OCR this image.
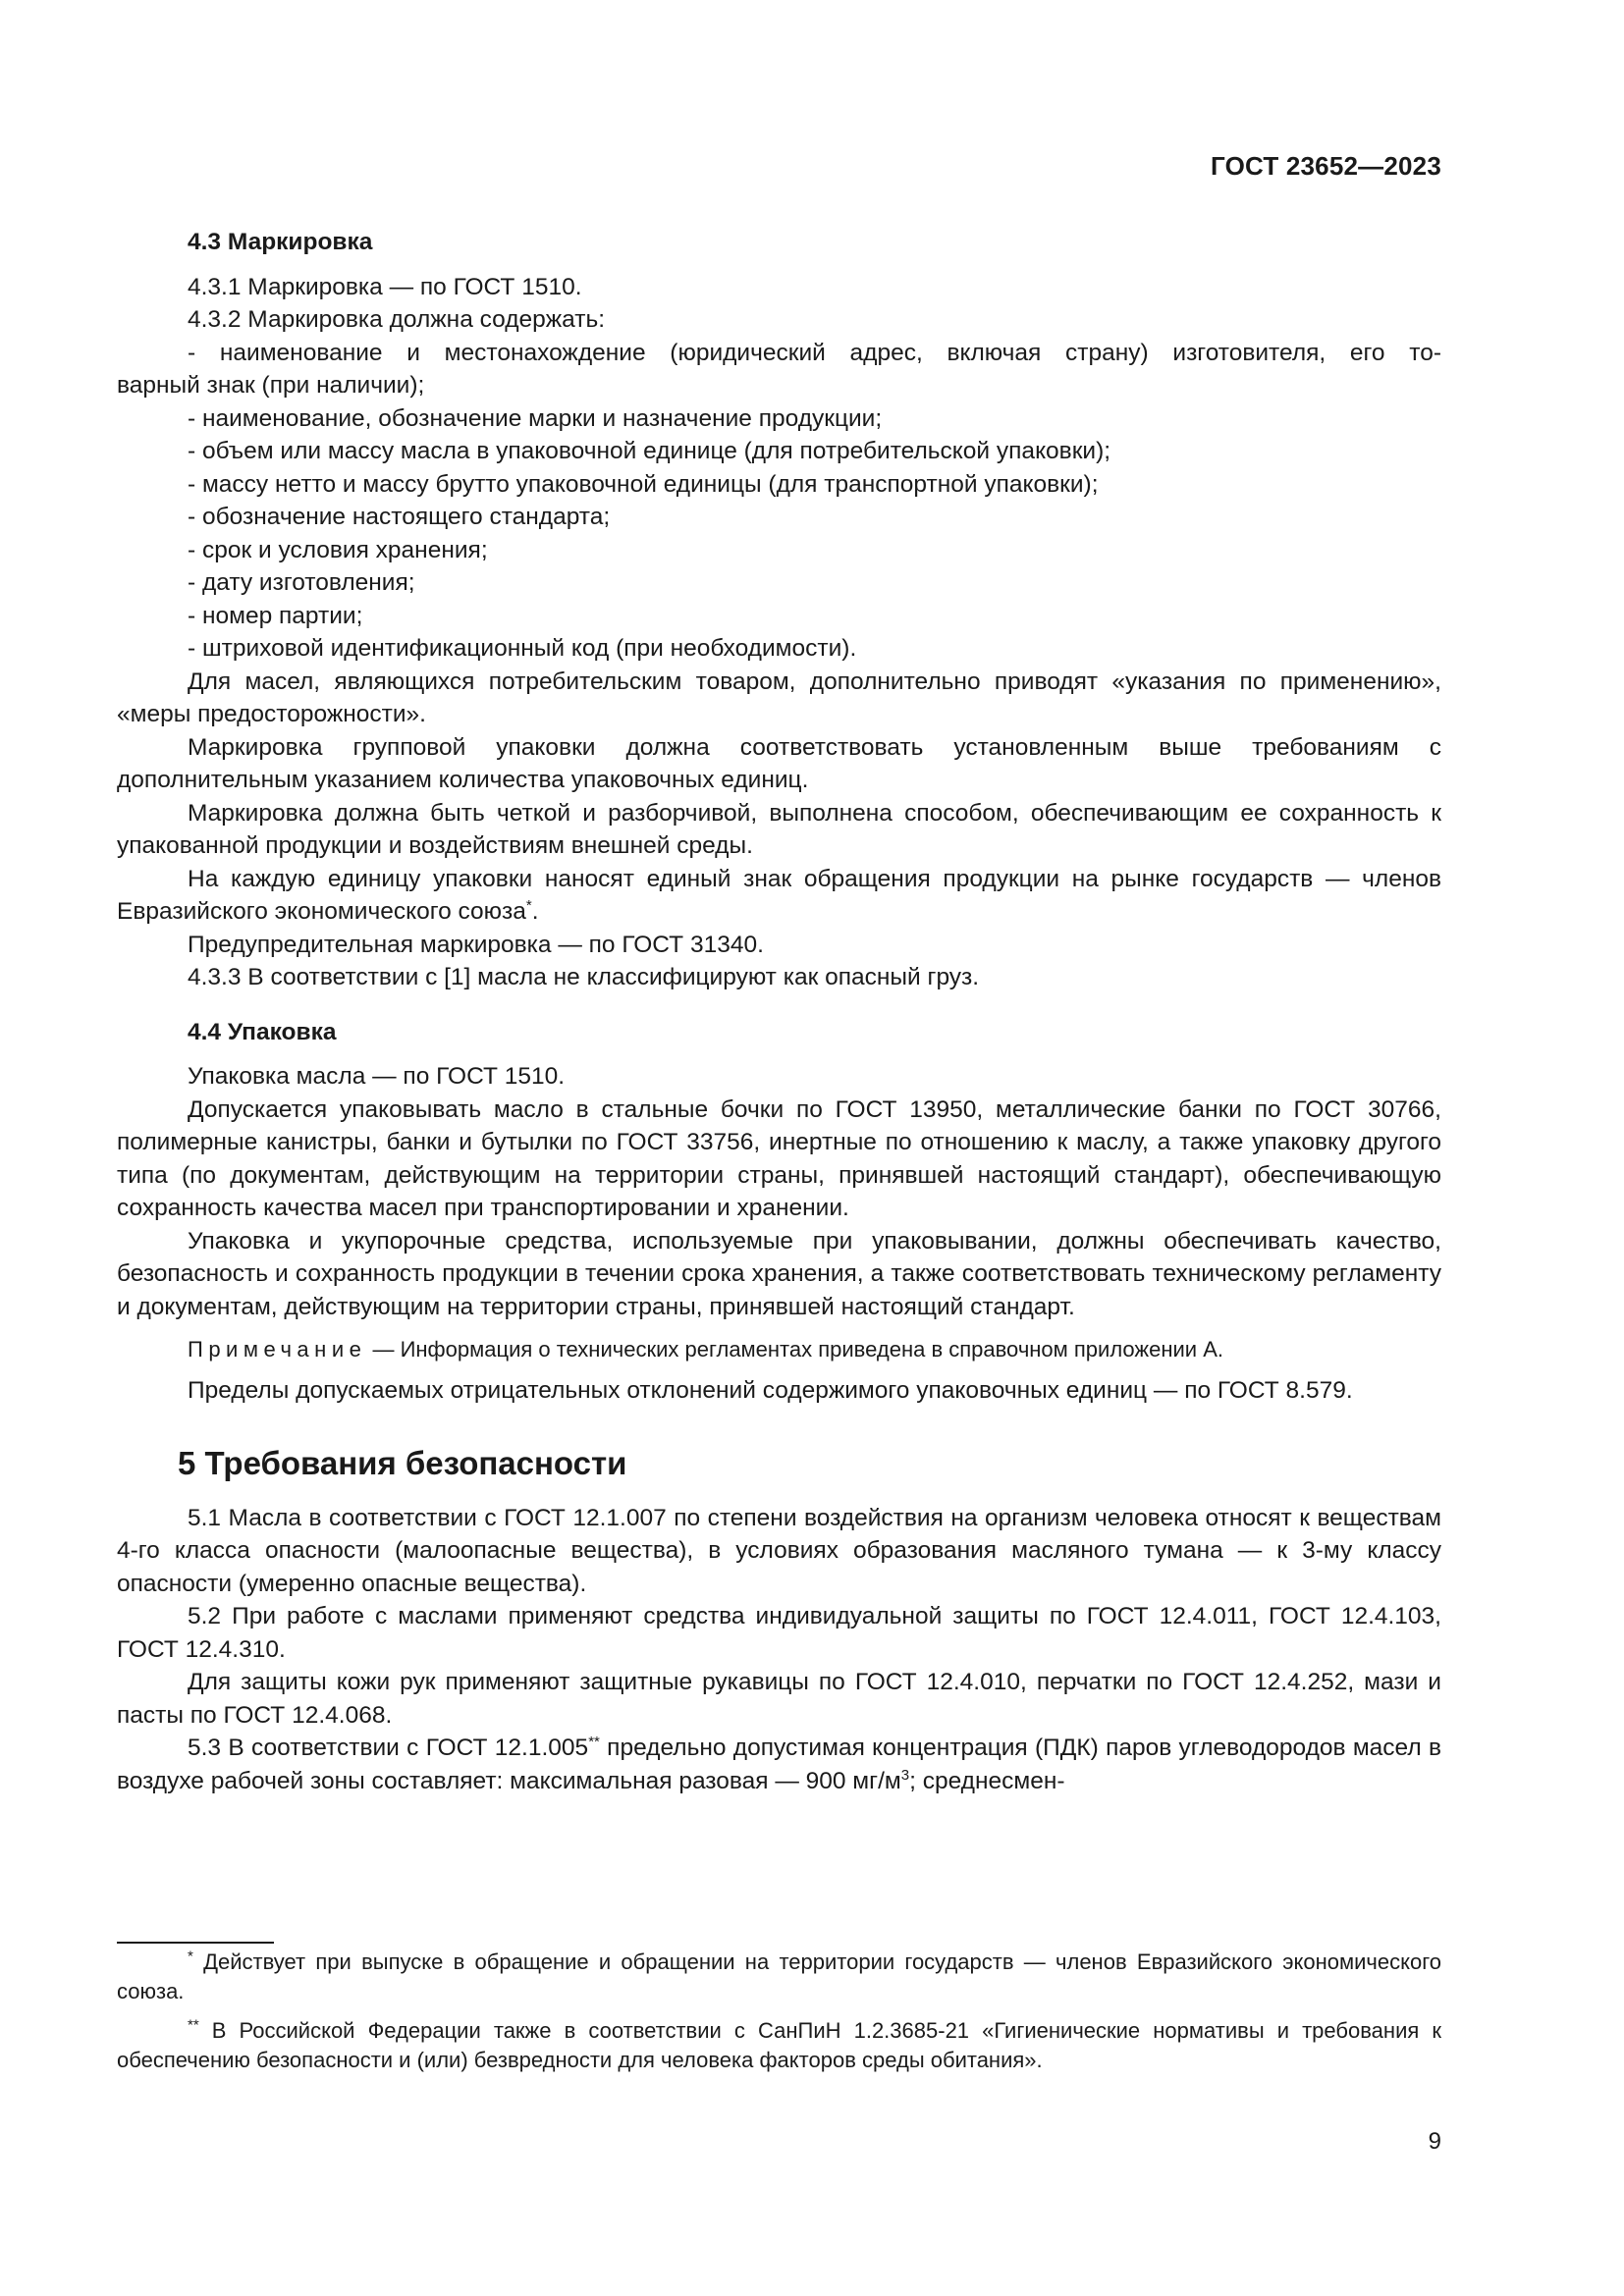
ГОСТ 23652—2023
4.3 Маркировка

4.3.1 Маркировка — по ГОСТ 1510.

4.3.2 Маркировка должна содержать:

- наименование и местонахождение (юридический адрес, включая страну) изготовителя, его то-

варный знак (при наличии);

- наименование, обозначение марки и назначение продукции;

- объем или массу масла в упаковочной единице (для потребительской упаковки);

- массу нетто и массу брутто упаковочной единицы (для транспортной упаковки);

- обозначение настоящего стандарта;

- срок и условия хранения;

- дату изготовления;

- номер партии;

- штриховой идентификационный код (при необходимости).

Для масел, являющихся потребительским товаром, дополнительно приводят «указания по применению», «меры предосторожности».

Маркировка групповой упаковки должна соответствовать установленным выше требованиям с дополнительным указанием количества упаковочных единиц.

Маркировка должна быть четкой и разборчивой, выполнена способом, обеспечивающим ее сохранность к упакованной продукции и воздействиям внешней среды.

На каждую единицу упаковки наносят единый знак обращения продукции на рынке государств — членов Евразийского экономического союза*.

Предупредительная маркировка — по ГОСТ 31340.

4.3.3 В соответствии с [1] масла не классифицируют как опасный груз.

4.4 Упаковка

Упаковка масла — по ГОСТ 1510.

Допускается упаковывать масло в стальные бочки по ГОСТ 13950, металлические банки по ГОСТ 30766, полимерные канистры, банки и бутылки по ГОСТ 33756, инертные по отношению к маслу, а также упаковку другого типа (по документам, действующим на территории страны, принявшей настоящий стандарт), обеспечивающую сохранность качества масел при транспортировании и хранении.

Упаковка и укупорочные средства, используемые при упаковывании, должны обеспечивать качество, безопасность и сохранность продукции в течении срока хранения, а также соответствовать техническому регламенту и документам, действующим на территории страны, принявшей настоящий стандарт.

Примечание — Информация о технических регламентах приведена в справочном приложении А.

Пределы допускаемых отрицательных отклонений содержимого упаковочных единиц — по ГОСТ 8.579.

5 Требования безопасности

5.1 Масла в соответствии с ГОСТ 12.1.007 по степени воздействия на организм человека относят к веществам 4-го класса опасности (малоопасные вещества), в условиях образования масляного тумана — к 3-му классу опасности (умеренно опасные вещества).

5.2 При работе с маслами применяют средства индивидуальной защиты по ГОСТ 12.4.011, ГОСТ 12.4.103, ГОСТ 12.4.310.

Для защиты кожи рук применяют защитные рукавицы по ГОСТ 12.4.010, перчатки по ГОСТ 12.4.252, мази и пасты по ГОСТ 12.4.068.

5.3 В соответствии с ГОСТ 12.1.005** предельно допустимая концентрация (ПДК) паров углеводородов масел в воздухе рабочей зоны составляет: максимальная разовая — 900 $мг/м^3$; среднесмен-

* Действует при выпуске в обращение и обращении на территории государств — членов Евразийского экономического союза.

** В Российской Федерации также в соответствии с СанПиН 1.2.3685-21 «Гигиенические нормативы и требования к обеспечению безопасности и (или) безвредности для человека факторов среды обитания».

9
